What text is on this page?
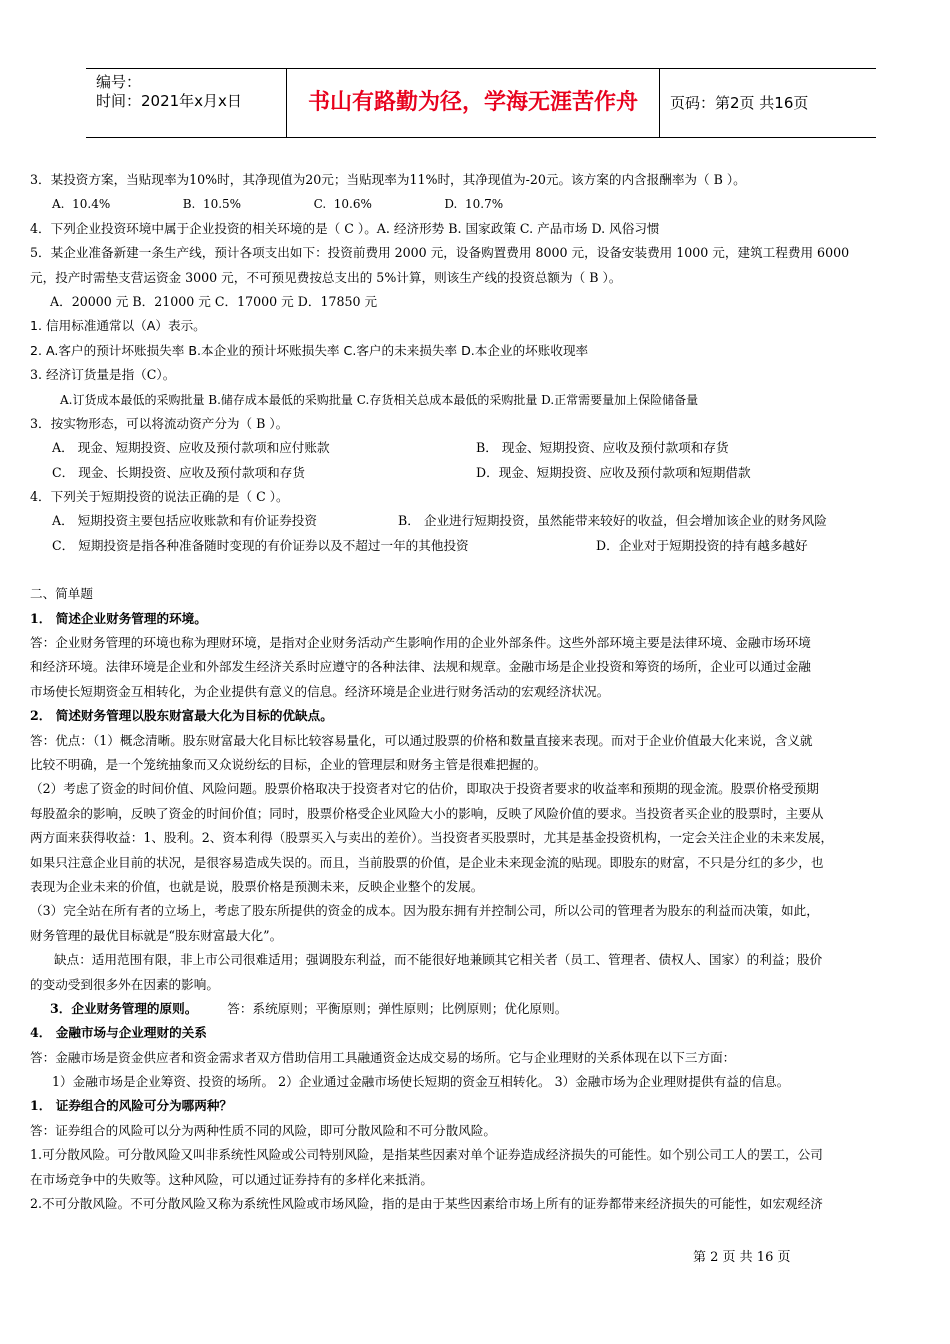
编号：
时间：2021年x月x日	书山有路勤为径，学海无涯苦作舟	页码：第2页 共16页
3．某投资方案，当贴现率为10%时，其净现值为20元；当贴现率为11%时，其净现值为-20元。该方案的内含报酬率为（ B ）。
A.  10.4%                   B.  10.5%                   C.  10.6%                   D.  10.7%
4．下列企业投资环境中属于企业投资的相关环境的是（ C ）。A. 经济形势 B. 国家政策 C. 产品市场 D. 风俗习惯
5．某企业准备新建一条生产线，预计各项支出如下：投资前费用 2000 元，设备购置费用 8000 元，设备安装费用 1000 元，建筑工程费用 6000
元，投产时需垫支营运资金 3000 元，不可预见费按总支出的 5%计算，则该生产线的投资总额为（ B ）。
A．20000 元 B．21000 元 C．17000 元 D．17850 元
1. 信用标准通常以（A）表示。
2. A.客户的预计坏账损失率 B.本企业的预计坏账损失率 C.客户的未来损失率 D.本企业的坏账收现率
3. 经济订货量是指（C）。
A.订货成本最低的采购批量 B.储存成本最低的采购批量 C.存货相关总成本最低的采购批量 D.正常需要量加上保险储备量
3．按实物形态，可以将流动资产分为（ B ）。
A． 现金、短期投资、应收及预付款项和应付账款	B． 现金、短期投资、应收及预付款项和存货
C． 现金、长期投资、应收及预付款项和存货	D．现金、短期投资、应收及预付款项和短期借款
4．下列关于短期投资的说法正确的是（ C ）。
A． 短期投资主要包括应收账款和有价证券投资	B． 企业进行短期投资，虽然能带来较好的收益，但会增加该企业的财务风险
C． 短期投资是指各种准备随时变现的有价证券以及不超过一年的其他投资	D．企业对于短期投资的持有越多越好
二、简单题
1． 简述企业财务管理的环境。
答：企业财务管理的环境也称为理财环境，是指对企业财务活动产生影响作用的企业外部条件。这些外部环境主要是法律环境、金融市场环境
和经济环境。法律环境是企业和外部发生经济关系时应遵守的各种法律、法规和规章。金融市场是企业投资和筹资的场所，企业可以通过金融
市场使长短期资金互相转化，为企业提供有意义的信息。经济环境是企业进行财务活动的宏观经济状况。
2． 简述财务管理以股东财富最大化为目标的优缺点。
答：优点：（1）概念清晰。股东财富最大化目标比较容易量化，可以通过股票的价格和数量直接来表现。而对于企业价值最大化来说，含义就
比较不明确，是一个笼统抽象而又众说纷纭的目标，企业的管理层和财务主管是很难把握的。
（2）考虑了资金的时间价值、风险问题。股票价格取决于投资者对它的估价，即取决于投资者要求的收益率和预期的现金流。股票价格受预期
每股盈余的影响，反映了资金的时间价值；同时，股票价格受企业风险大小的影响，反映了风险价值的要求。当投资者买企业的股票时，主要从
两方面来获得收益：1、股利。2、资本利得（股票买入与卖出的差价）。当投资者买股票时，尤其是基金投资机构，一定会关注企业的未来发展，
如果只注意企业目前的状况，是很容易造成失误的。而且，当前股票的价值，是企业未来现金流的贴现。即股东的财富，不只是分红的多少，也
表现为企业未来的价值，也就是说，股票价格是预测未来，反映企业整个的发展。
（3）完全站在所有者的立场上，考虑了股东所提供的资金的成本。因为股东拥有并控制公司，所以公司的管理者为股东的利益而决策，如此，
财务管理的最优目标就是“股东财富最大化”。
缺点：适用范围有限，非上市公司很难适用；强调股东利益，而不能很好地兼顾其它相关者（员工、管理者、债权人、国家）的利益；股价
的变动受到很多外在因素的影响。
3．企业财务管理的原则。 答：系统原则；平衡原则；弹性原则；比例原则；优化原则。
4． 金融市场与企业理财的关系
答：金融市场是资金供应者和资金需求者双方借助信用工具融通资金达成交易的场所。它与企业理财的关系体现在以下三方面：
1）金融市场是企业筹资、投资的场所。 2）企业通过金融市场使长短期的资金互相转化。 3）金融市场为企业理财提供有益的信息。
1． 证券组合的风险可分为哪两种？
答：证券组合的风险可以分为两种性质不同的风险，即可分散风险和不可分散风险。
1.可分散风险。可分散风险又叫非系统性风险或公司特别风险，是指某些因素对单个证券造成经济损失的可能性。如个别公司工人的罢工，公司
在市场竞争中的失败等。这种风险，可以通过证券持有的多样化来抵消。
2.不可分散风险。不可分散风险又称为系统性风险或市场风险，指的是由于某些因素给市场上所有的证券都带来经济损失的可能性，如宏观经济
第 2 页 共 16 页
